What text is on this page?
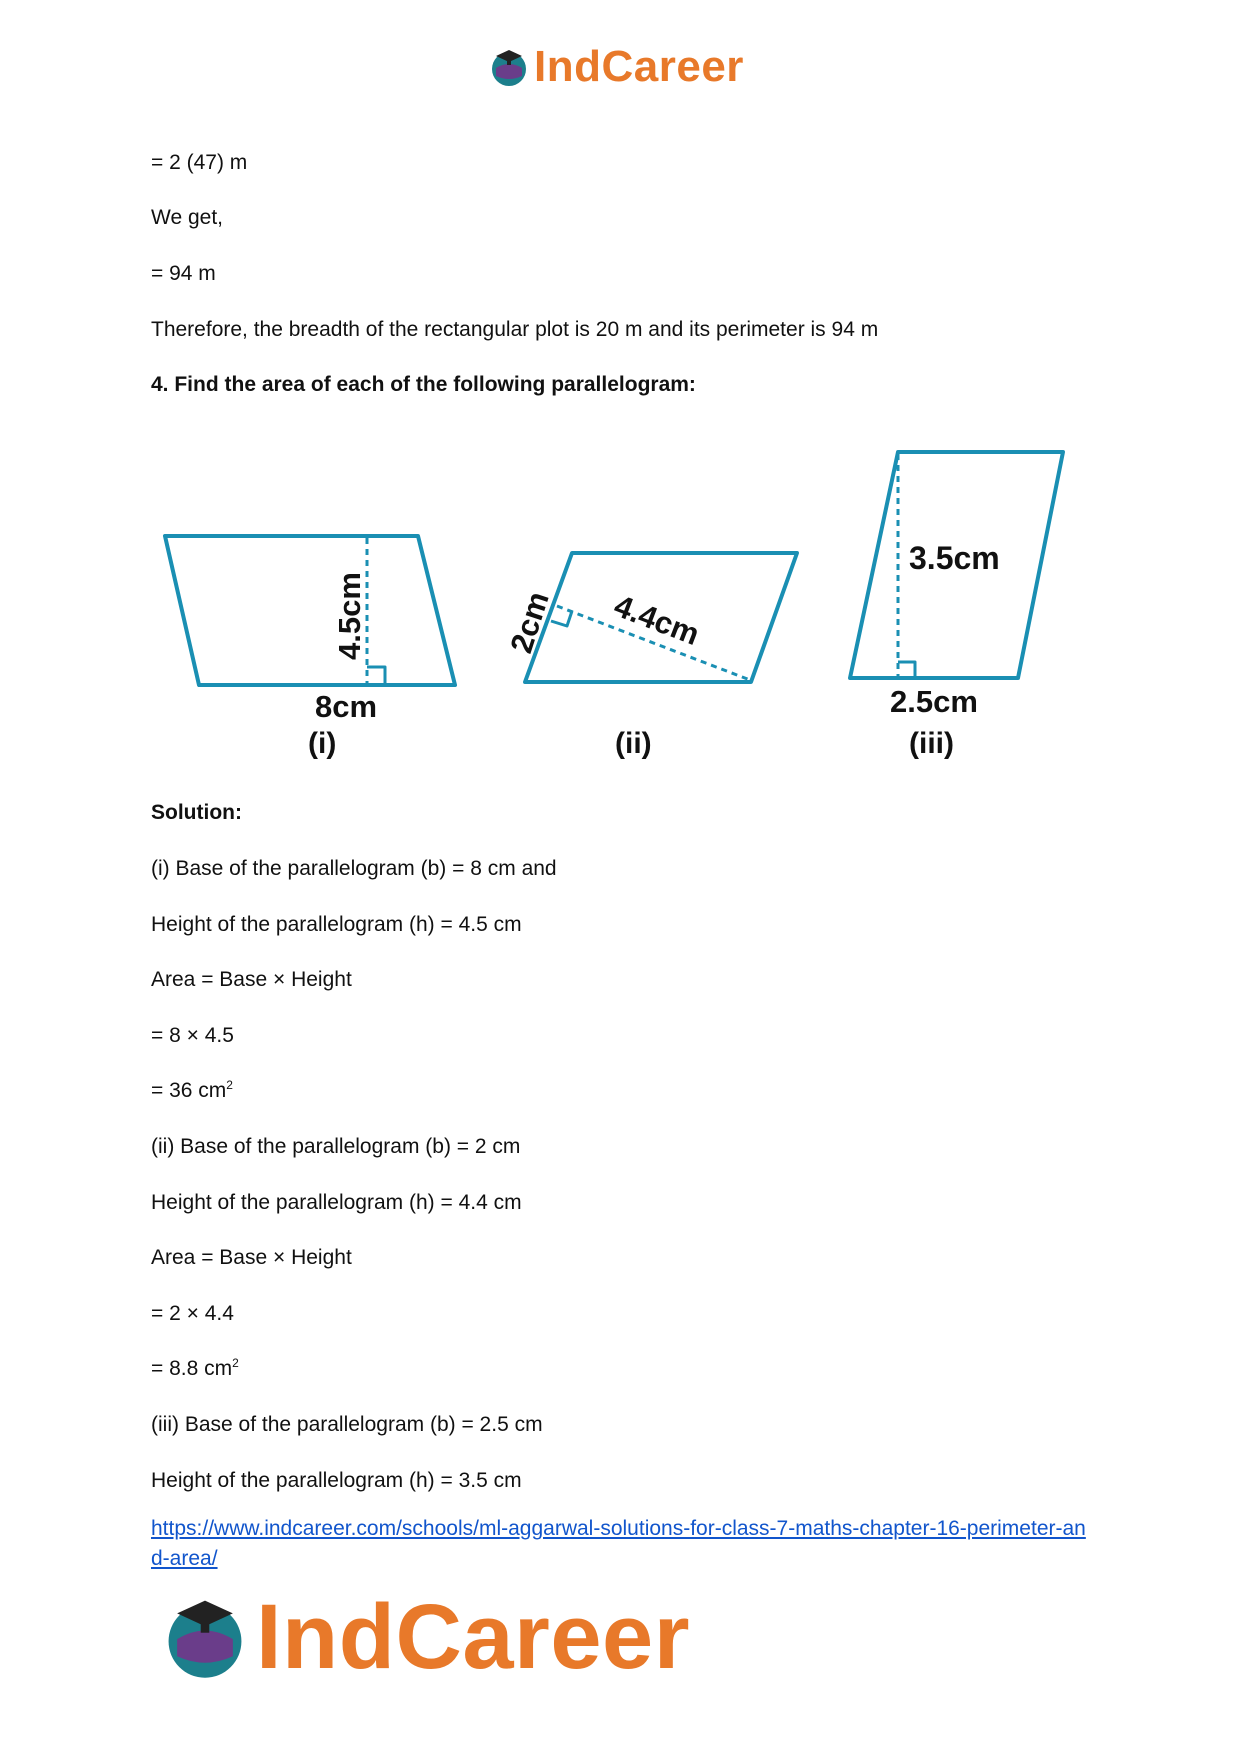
IndCareer
= 2 (47) m
We get,
= 94 m
Therefore, the breadth of the rectangular plot is 20 m and its perimeter is 94 m
4. Find the area of each of the following parallelogram:
4.5cm
8cm
(i)
2cm 4.4cm
(ii)
3.5cm
2.5cm
(iii)
Solution:
(i) Base of the parallelogram (b) = 8 cm and
Height of the parallelogram (h) = 4.5 cm
Area = Base × Height
= 8 × 4.5
= 36 $cm^2$
(ii) Base of the parallelogram (b) = 2 cm
Height of the parallelogram (h) = 4.4 cm
Area = Base × Height
= 2 × 4.4
= 8.8 $cm^2$
(iii) Base of the parallelogram (b) = 2.5 cm
Height of the parallelogram (h) = 3.5 cm
https://www.indcareer.com/schools/ml-aggarwal-solutions-for-class-7-maths-chapter-16-perimeter-and-area/
IndCareer
